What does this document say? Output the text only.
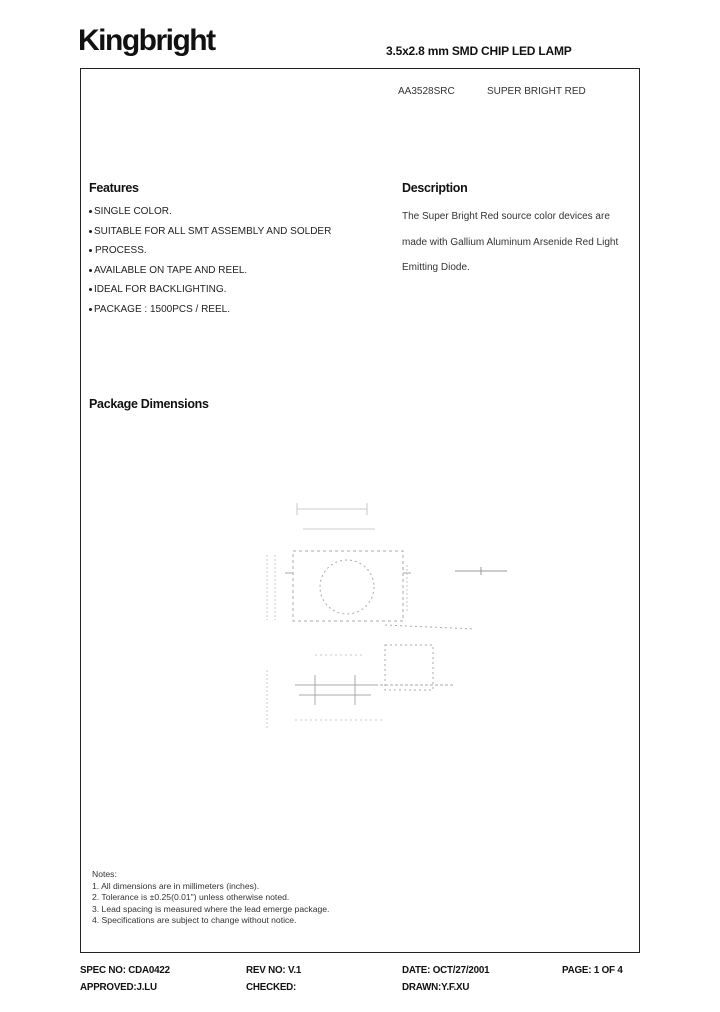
Kingbright	3.5x2.8 mm SMD CHIP LED LAMP
AA3528SRC	SUPER BRIGHT RED
Features
SINGLE COLOR.
SUITABLE FOR ALL SMT ASSEMBLY AND SOLDER
PROCESS.
AVAILABLE ON TAPE AND REEL.
IDEAL FOR BACKLIGHTING.
PACKAGE : 1500PCS / REEL.
Description
The Super Bright Red source color devices are
made with Gallium Aluminum Arsenide Red Light
Emitting Diode.
Package Dimensions
Notes:
1. All dimensions are in millimeters (inches).
2. Tolerance is ±0.25(0.01") unless otherwise noted.
3. Lead spacing is measured where the lead emerge package.
4. Specifications are subject to change without notice.
SPEC NO: CDA0422	REV NO: V.1	DATE: OCT/27/2001	PAGE: 1 OF 4
APPROVED:J.LU	CHECKED:	DRAWN:Y.F.XU
